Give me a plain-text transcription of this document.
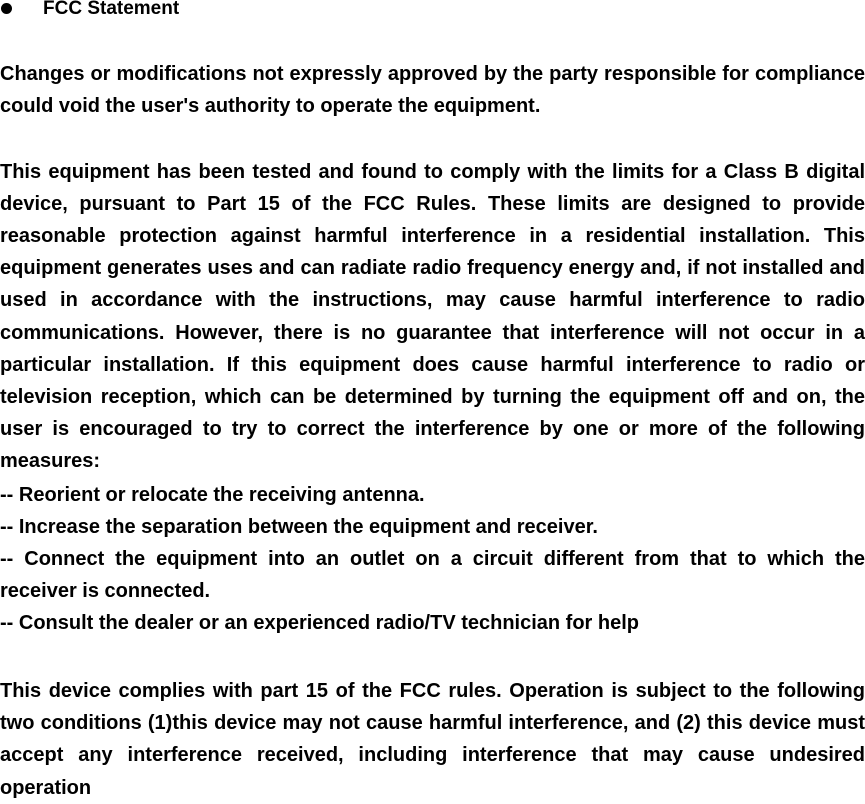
FCC Statement

Changes or modifications not expressly approved by the party responsible for compliance could void the user's authority to operate the equipment.

This equipment has been tested and found to comply with the limits for a Class B digital device, pursuant to Part 15 of the FCC Rules. These limits are designed to provide reasonable protection against harmful interference in a residential installation. This equipment generates uses and can radiate radio frequency energy and, if not installed and used in accordance with the instructions, may cause harmful interference to radio communications. However, there is no guarantee that interference will not occur in a particular installation. If this equipment does cause harmful interference to radio or television reception, which can be determined by turning the equipment off and on, the user is encouraged to try to correct the interference by one or more of the following measures:

-- Reorient or relocate the receiving antenna.
-- Increase the separation between the equipment and receiver.
-- Connect the equipment into an outlet on a circuit different from that to which the receiver is connected.
-- Consult the dealer or an experienced radio/TV technician for help

This device complies with part 15 of the FCC rules. Operation is subject to the following two conditions (1)this device may not cause harmful interference, and (2) this device must accept any interference received, including interference that may cause undesired operation
